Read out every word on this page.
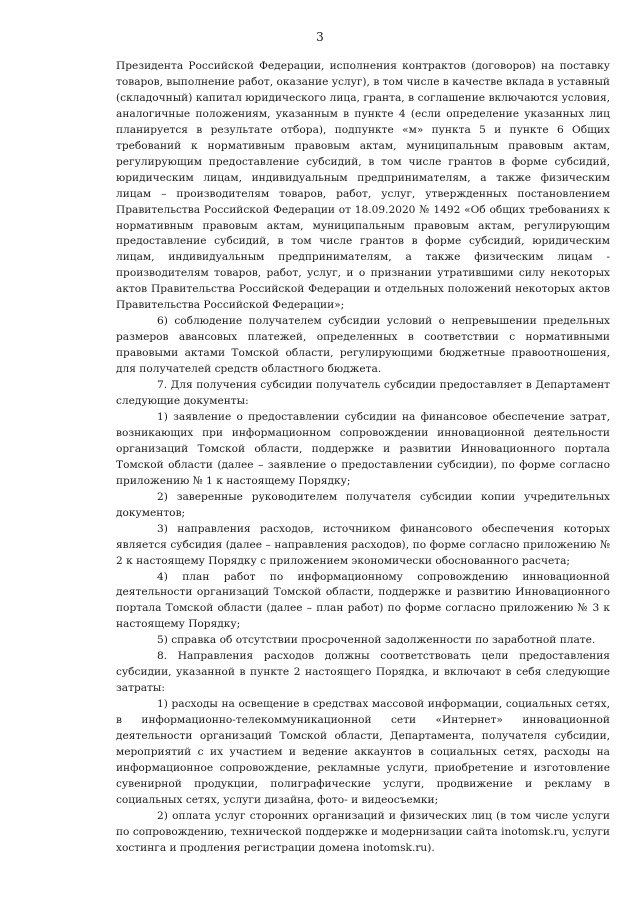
3

Президента Российской Федерации, исполнения контрактов (договоров) на поставку товаров, выполнение работ, оказание услуг), в том числе в качестве вклада в уставный (складочный) капитал юридического лица, гранта, в соглашение включаются условия, аналогичные положениям, указанным в пункте 4 (если определение указанных лиц планируется в результате отбора), подпункте «м» пункта 5 и пункте 6 Общих требований к нормативным правовым актам, муниципальным правовым актам, регулирующим предоставление субсидий, в том числе грантов в форме субсидий, юридическим лицам, индивидуальным предпринимателям, а также физическим лицам – производителям товаров, работ, услуг, утвержденных постановлением Правительства Российской Федерации от 18.09.2020 № 1492 «Об общих требованиях к нормативным правовым актам, муниципальным правовым актам, регулирующим предоставление субсидий, в том числе грантов в форме субсидий, юридическим лицам, индивидуальным предпринимателям, а также физическим лицам - производителям товаров, работ, услуг, и о признании утратившими силу некоторых актов Правительства Российской Федерации и отдельных положений некоторых актов Правительства Российской Федерации»;

6) соблюдение получателем субсидии условий о непревышении предельных размеров авансовых платежей, определенных в соответствии с нормативными правовыми актами Томской области, регулирующими бюджетные правоотношения, для получателей средств областного бюджета.

7. Для получения субсидии получатель субсидии предоставляет в Департамент следующие документы:

1) заявление о предоставлении субсидии на финансовое обеспечение затрат, возникающих при информационном сопровождении инновационной деятельности организаций Томской области, поддержке и развитии Инновационного портала Томской области (далее – заявление о предоставлении субсидии), по форме согласно приложению № 1 к настоящему Порядку;

2) заверенные руководителем получателя субсидии копии учредительных документов;

3) направления расходов, источником финансового обеспечения которых является субсидия (далее – направления расходов), по форме согласно приложению № 2 к настоящему Порядку с приложением экономически обоснованного расчета;

4) план работ по информационному сопровождению инновационной деятельности организаций Томской области, поддержке и развитию Инновационного портала Томской области (далее – план работ) по форме согласно приложению № 3 к настоящему Порядку;

5) справка об отсутствии просроченной задолженности по заработной плате.

8. Направления расходов должны соответствовать цели предоставления субсидии, указанной в пункте 2 настоящего Порядка, и включают в себя следующие затраты:

1) расходы на освещение в средствах массовой информации, социальных сетях, в информационно-телекоммуникационной сети «Интернет» инновационной деятельности организаций Томской области, Департамента, получателя субсидии, мероприятий с их участием и ведение аккаунтов в социальных сетях, расходы на информационное сопровождение, рекламные услуги, приобретение и изготовление сувенирной продукции, полиграфические услуги, продвижение и рекламу в социальных сетях, услуги дизайна, фото- и видеосъемки;

2) оплата услуг сторонних организаций и физических лиц (в том числе услуги по сопровождению, технической поддержке и модернизации сайта inotomsk.ru, услуги хостинга и продления регистрации домена inotomsk.ru).
